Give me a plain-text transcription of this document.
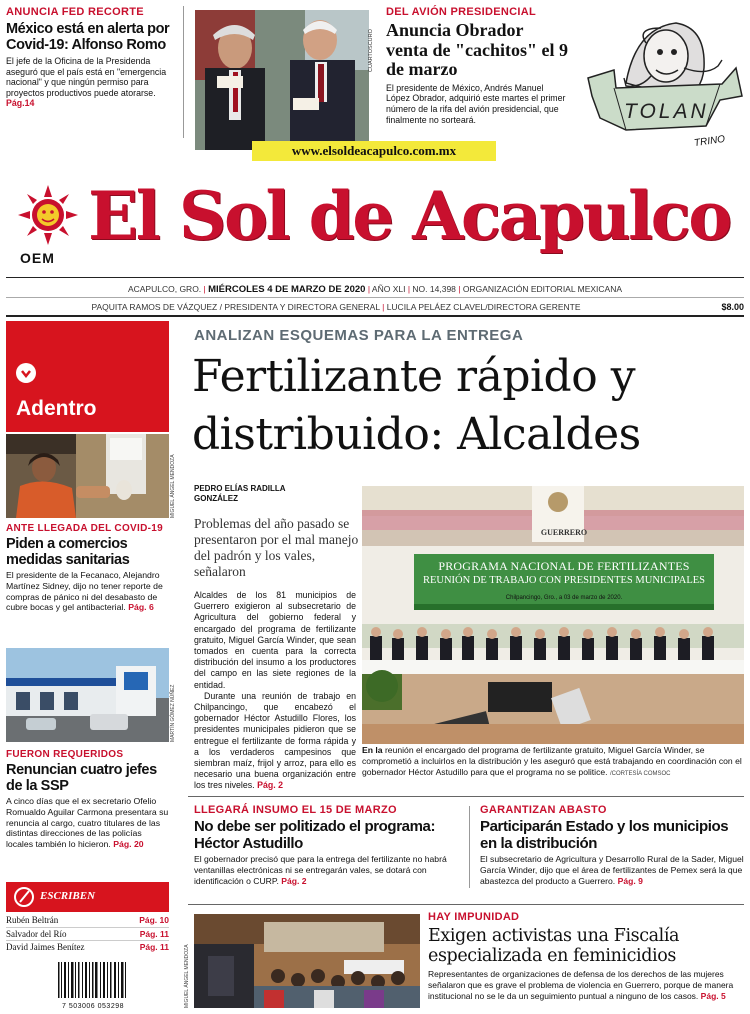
ANUNCIA FED RECORTE
México está en alerta por Covid-19: Alfonso Romo
El jefe de la Oficina de la Presidenda aseguró que el país está en "emergencia nacional" y que ningún permiso para proyectos productivos puede atorarse. Pág.14
CUARTOSCURO
DEL AVIÓN PRESIDENCIAL
Anuncia Obrador venta de "cachitos" el 9 de marzo
El presidente de México, Andrés Manuel López Obrador, adquirió este martes el primer número de la rifa del avión presidencial, que finalmente no sorteará.	TOLAN
TRINO
www.elsoldeacapulco.com.mx
OEM
El Sol de Acapulco
ACAPULCO, GRO. | MIÉRCOLES 4 DE MARZO DE 2020 | AÑO XLI | NO. 14,398 | ORGANIZACIÓN EDITORIAL MEXICANA
PAQUITA RAMOS DE VÁZQUEZ / PRESIDENTA Y DIRECTORA GENERAL | LUCILA PELÁEZ CLAVEL/DIRECTORA GERENTE	$8.00
Adentro
MIGUEL ÁNGEL MENDOZA
ANTE LLEGADA DEL COVID-19
Piden a comercios medidas sanitarias
El presidente de la Fecanaco, Alejandro Martínez Sidney, dijo no tener reporte de compras de pánico ni del desabasto de cubre bocas y gel antibacterial. Pág. 6
MARTÍN GÓMEZ NÚÑEZ
FUERON REQUERIDOS
Renuncian cuatro jefes de la SSP
A cinco días que el ex secretario Ofelio Romualdo Aguilar Carmona presentara su renuncia al cargo, cuatro titulares de las distintas direcciones de las policías locales también lo hicieron. Pág. 20
ESCRIBEN
Rubén Beltrán	Pág. 10
Salvador del Río	Pág. 11
David Jaimes Benítez	Pág. 11
7 503006 053298
ANALIZAN ESQUEMAS PARA LA ENTREGA
Fertilizante rápido y distribuido: Alcaldes
PEDRO ELÍAS RADILLA GONZÁLEZ
Problemas del año pasado se presentaron por el mal manejo del padrón y los vales, señalaron

Alcaldes de los 81 municipios de Guerrero exigieron al subsecretario de Agricultura del gobierno federal y encargado del programa de fertilizante gratuito, Miguel García Winder, que sean tomados en cuenta para la correcta distribución del insumo a los productores del campo en las siete regiones de la entidad.

Durante una reunión de trabajo en Chilpancingo, que encabezó el gobernador Héctor Astudillo Flores, los presidentes municipales pidieron que se entregue el fertilizante de forma rápida y a los verdaderos campesinos que siembran maíz, frijol y arroz, para ello es necesario una buena organización entre los tres niveles. Pág. 2

GUERRERO
PROGRAMA NACIONAL DE FERTILIZANTES
REUNIÓN DE TRABAJO CON PRESIDENTES MUNICIPALES
Chilpancingo, Gro., a 03 de marzo de 2020.
En la reunión el encargado del programa de fertilizante gratuito, Miguel García Winder, se comprometió a incluirlos en la distribución y les aseguró que está trabajando en coordinación con el gobernador Héctor Astudillo para que el programa no se politice. /CORTESÍA COMSOC
LLEGARÁ INSUMO EL 15 DE MARZO
No debe ser politizado el programa: Héctor Astudillo
El gobernador precisó que para la entrega del fertilizante no habrá ventanillas electrónicas ni se entregarán vales, se dotará con identificación o CURP. Pág. 2
GARANTIZAN ABASTO
Participarán Estado y los municipios en la distribución
El subsecretario de Agricultura y Desarrollo Rural de la Sader, Miguel García Winder, dijo que el área de fertilizantes de Pemex será la que abastezca del producto a Guerrero. Pág. 9
MIGUEL ÁNGEL MENDOZA
HAY IMPUNIDAD
Exigen activistas una Fiscalía especializada en feminicidios
Representantes de organizaciones de defensa de los derechos de las mujeres señalaron que es grave el problema de violencia en Guerrero, porque de manera institucional no se le da un seguimiento puntual a ninguno de los casos. Pág. 5
